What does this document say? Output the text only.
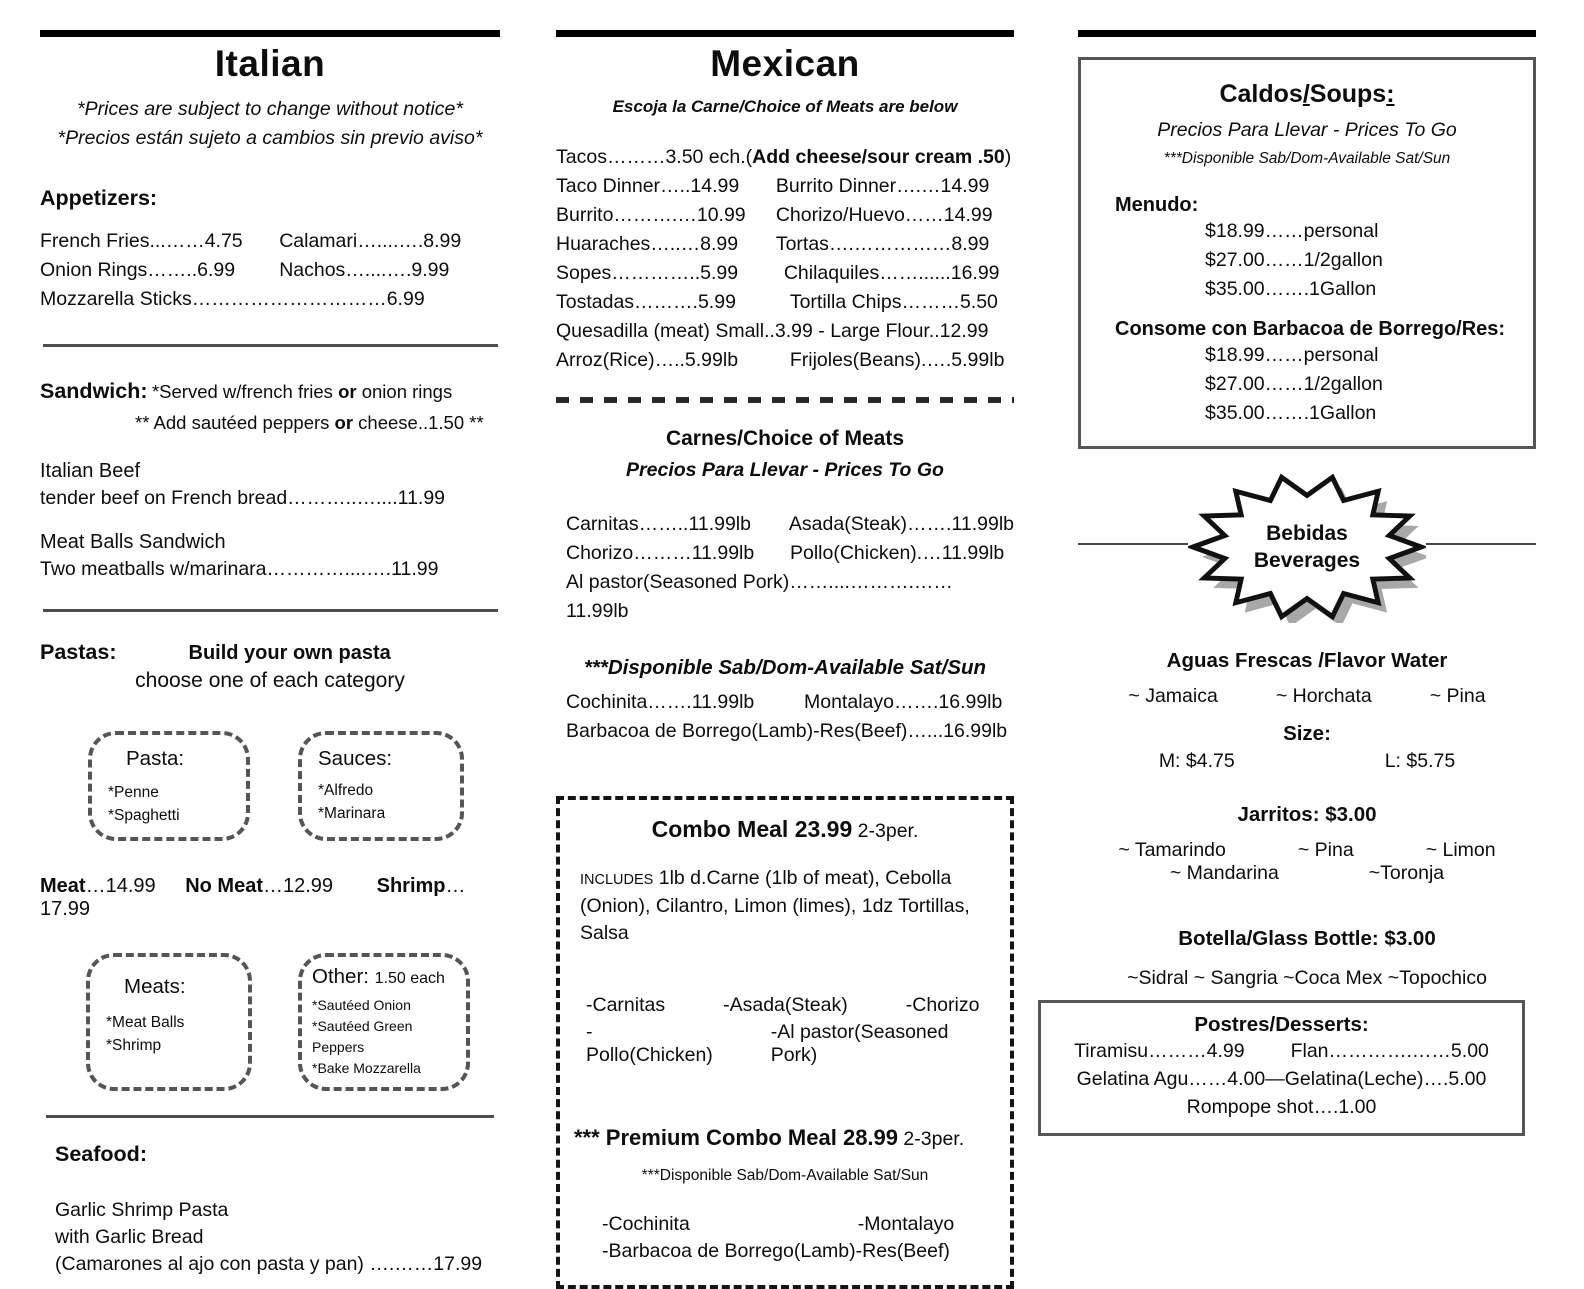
Italian
*Prices are subject to change without notice*
*Precios están sujeto a cambios sin previo aviso*
Appetizers:
French Fries...……4.75	Calamari…....….8.99
Onion Rings……..6.99	Nachos…....….9.99
Mozzarella Sticks…………………………6.99
Sandwich: *Served w/french fries or onion rings
** Add sautéed peppers or cheese..1.50 **
Italian Beef
tender beef on French bread………..…....11.99
Meat Balls Sandwich
Two meatballs w/marinara…………....….11.99
Pastas:	Build your own pasta
choose one of each category
Pasta:
*Penne
*Spaghetti
Sauces:
*Alfredo
*Marinara
Meat…14.99 No Meat…12.99 Shrimp…17.99
Meats:
*Meat Balls
*Shrimp
Other: 1.50 each
*Sautéed Onion
*Sautéed Green Peppers
*Bake Mozzarella
Seafood:
Garlic Shrimp Pasta
with Garlic Bread
(Camarones al ajo con pasta y pan) ….……17.99
Mexican
Escoja la Carne/Choice of Meats are below
Tacos………3.50 ech.(Add cheese/sour cream .50)
Taco Dinner…..14.99	Burrito Dinner….…14.99
Burrito……….…10.99	Chorizo/Huevo……14.99
Huaraches…..…8.99	Tortas….……………8.99
Sopes…………..5.99	Chilaquiles……......16.99
Tostadas……….5.99	Tortilla Chips………5.50
Quesadilla (meat) Small..3.99 - Large Flour..12.99
Arroz(Rice)…..5.99lb	Frijoles(Beans).….5.99lb
Carnes/Choice of Meats
Precios Para Llevar - Prices To Go
Carnitas……..11.99lb	Asada(Steak)…….11.99lb
Chorizo………11.99lb	Pollo(Chicken).…11.99lb
Al pastor(Seasoned Pork)……....……….……11.99lb
***Disponible Sab/Dom-Available Sat/Sun
Cochinita…….11.99lb	Montalayo…….16.99lb
Barbacoa de Borrego(Lamb)-Res(Beef)…...16.99lb
Combo Meal 23.99 2-3per.
INCLUDES 1lb d.Carne (1lb of meat), Cebolla (Onion), Cilantro, Limon (limes), 1dz Tortillas, Salsa
-Carnitas	-Asada(Steak)	-Chorizo
-Pollo(Chicken)
-Al pastor(Seasoned Pork)
*** Premium Combo Meal 28.99 2-3per.
***Disponible Sab/Dom-Available Sat/Sun
-Cochinita	-Montalayo
-Barbacoa de Borrego(Lamb)-Res(Beef)
Caldos/Soups:
Precios Para Llevar - Prices To Go
***Disponible Sab/Dom-Available Sat/Sun
Menudo:
$18.99……personal
$27.00……1/2gallon
$35.00…….1Gallon
Consome con Barbacoa de Borrego/Res:
$18.99……personal
$27.00……1/2gallon
$35.00…….1Gallon
Bebidas
Beverages
Aguas Frescas /Flavor Water
~ Jamaica	~ Horchata	~ Pina
Size:
M: $4.75	L: $5.75
Jarritos: $3.00
~ Tamarindo	~ Pina	~ Limon
~ Mandarina	~Toronja
Botella/Glass Bottle: $3.00
~Sidral ~ Sangria ~Coca Mex ~Topochico
Postres/Desserts:
Tiramisu………4.99 Flan………….……5.00
Gelatina Agu……4.00—Gelatina(Leche)….5.00
Rompope shot….1.00
